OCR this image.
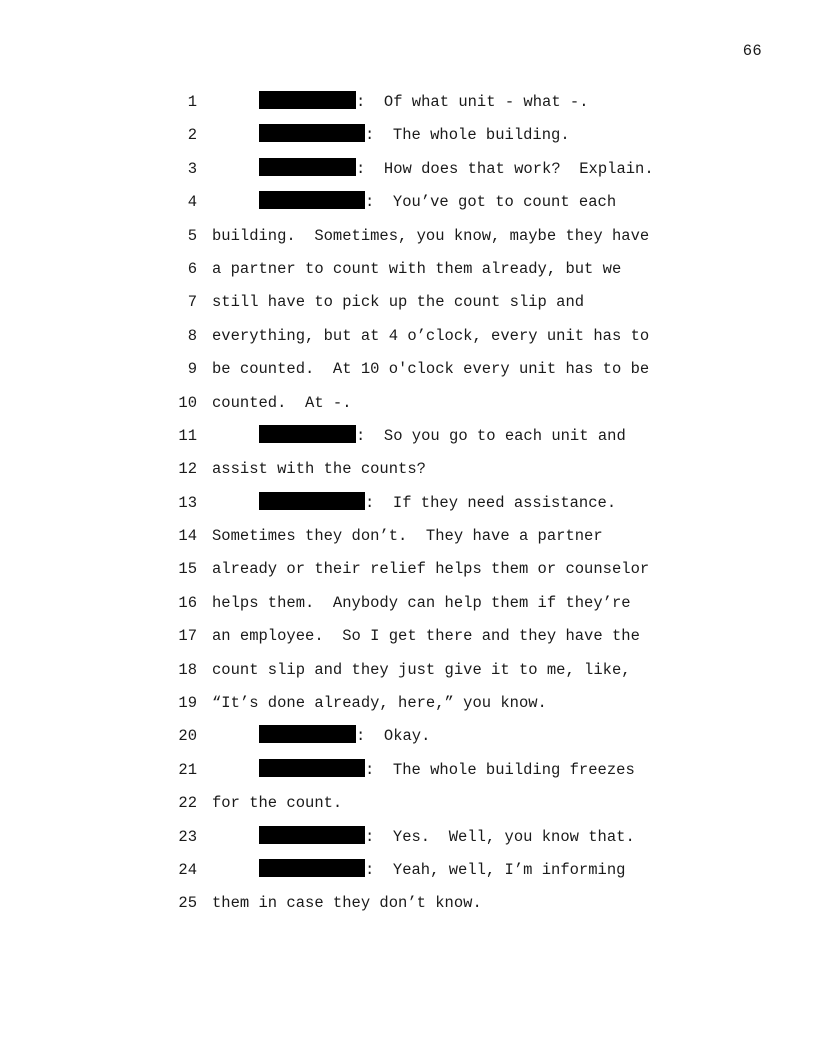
66
1	:  Of what unit - what -.
2	:  The whole building.
3	:  How does that work?  Explain.
4	:  You’ve got to count each
5 building.  Sometimes, you know, maybe they have
6 a partner to count with them already, but we
7 still have to pick up the count slip and
8 everything, but at 4 o’clock, every unit has to
9 be counted.  At 10 o'clock every unit has to be
10 counted.  At -.
11	:  So you go to each unit and
12 assist with the counts?
13	:  If they need assistance.
14 Sometimes they don’t.  They have a partner
15 already or their relief helps them or counselor
16 helps them.  Anybody can help them if they’re
17 an employee.  So I get there and they have the
18 count slip and they just give it to me, like,
19 “It’s done already, here,” you know.
20	:  Okay.
21	:  The whole building freezes
22 for the count.
23	:  Yes.  Well, you know that.
24	:  Yeah, well, I’m informing
25 them in case they don’t know.
